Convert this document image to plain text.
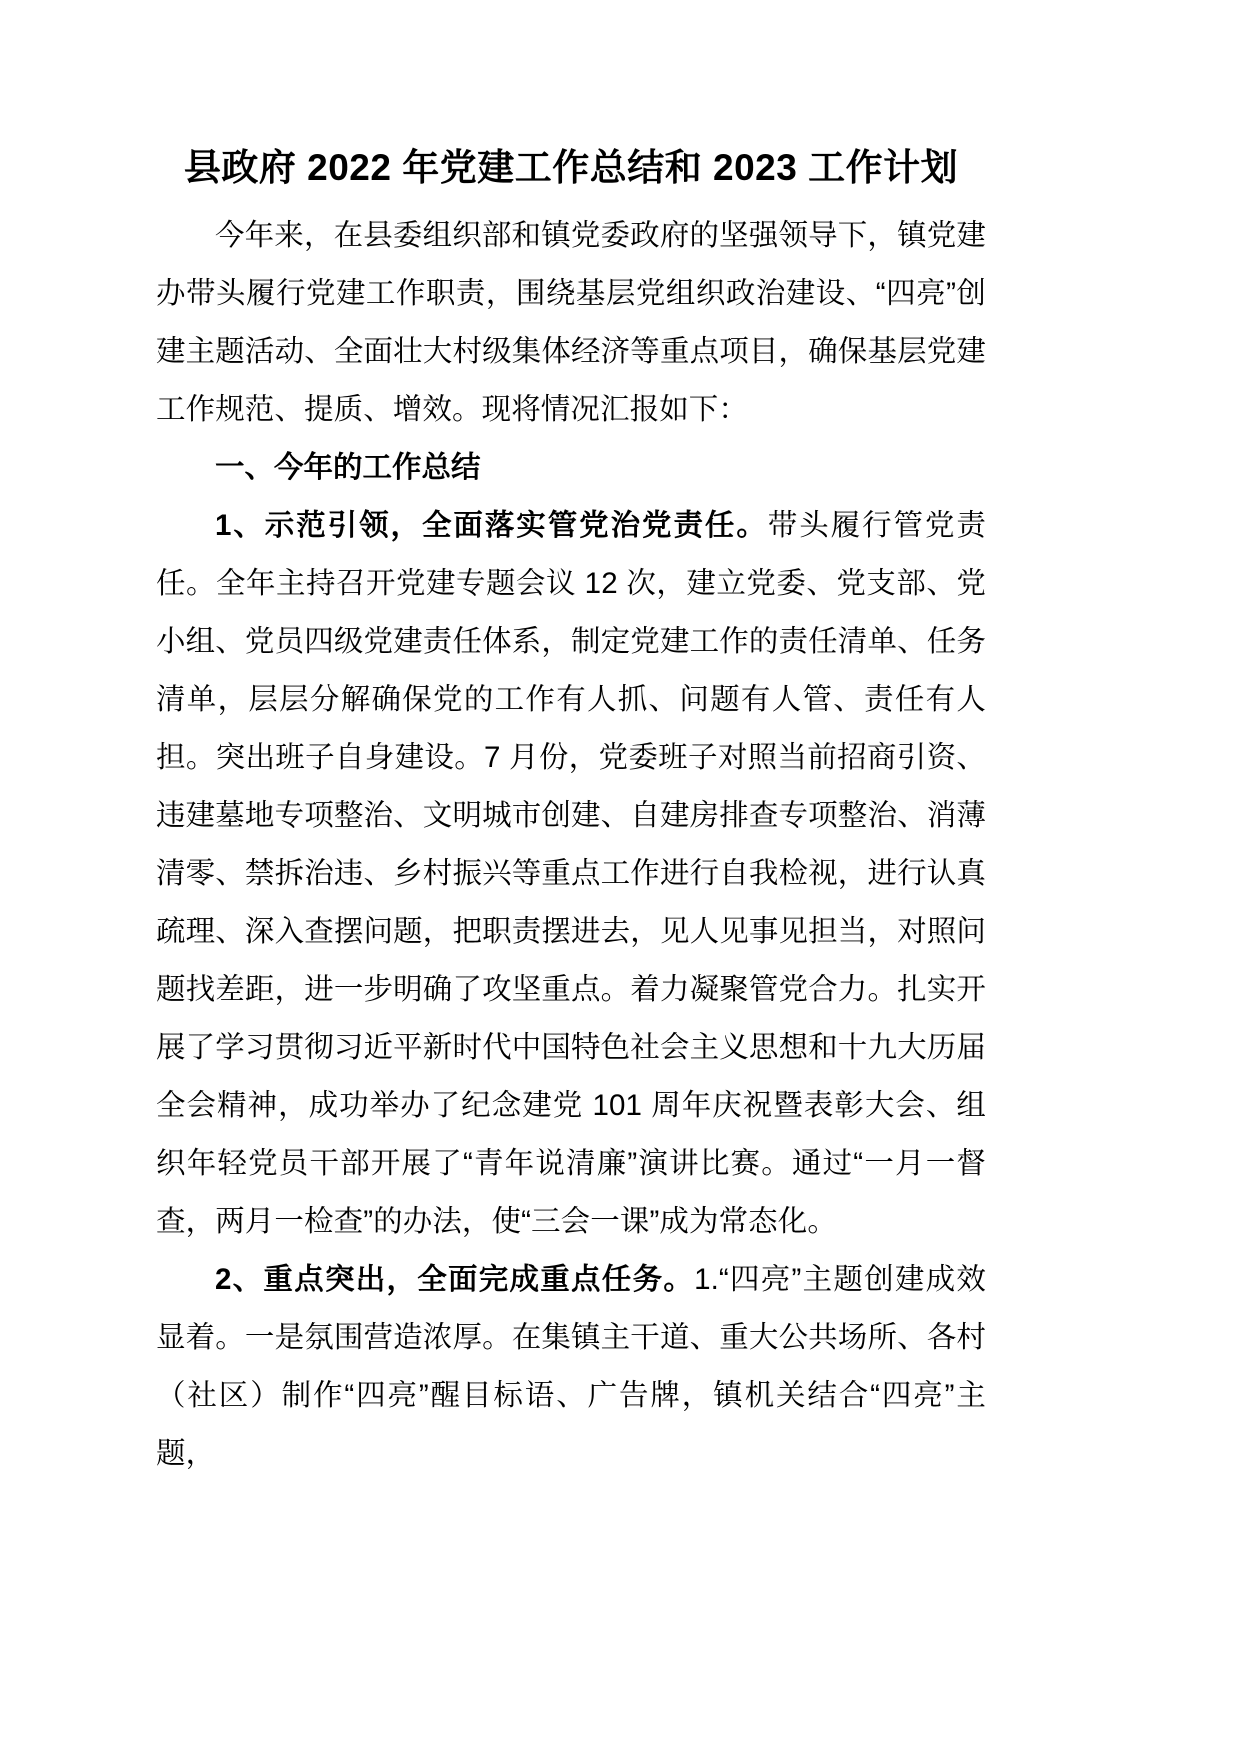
县政府 2022 年党建工作总结和 2023 工作计划

今年来，在县委组织部和镇党委政府的坚强领导下，镇党建办带头履行党建工作职责，围绕基层党组织政治建设、“四亮”创建主题活动、全面壮大村级集体经济等重点项目，确保基层党建工作规范、提质、增效。现将情况汇报如下：

一、今年的工作总结

1、示范引领，全面落实管党治党责任。带头履行管党责任。全年主持召开党建专题会议 12 次，建立党委、党支部、党小组、党员四级党建责任体系，制定党建工作的责任清单、任务清单，层层分解确保党的工作有人抓、问题有人管、责任有人担。突出班子自身建设。7 月份，党委班子对照当前招商引资、违建墓地专项整治、文明城市创建、自建房排查专项整治、消薄清零、禁拆治违、乡村振兴等重点工作进行自我检视，进行认真疏理、深入查摆问题，把职责摆进去，见人见事见担当，对照问题找差距，进一步明确了攻坚重点。着力凝聚管党合力。扎实开展了学习贯彻习近平新时代中国特色社会主义思想和十九大历届全会精神，成功举办了纪念建党 101 周年庆祝暨表彰大会、组织年轻党员干部开展了“青年说清廉”演讲比赛。通过“一月一督查，两月一检查”的办法，使“三会一课”成为常态化。

2、重点突出，全面完成重点任务。1.“四亮”主题创建成效显着。一是氛围营造浓厚。在集镇主干道、重大公共场所、各村（社区）制作“四亮”醒目标语、广告牌，镇机关结合“四亮”主题，
